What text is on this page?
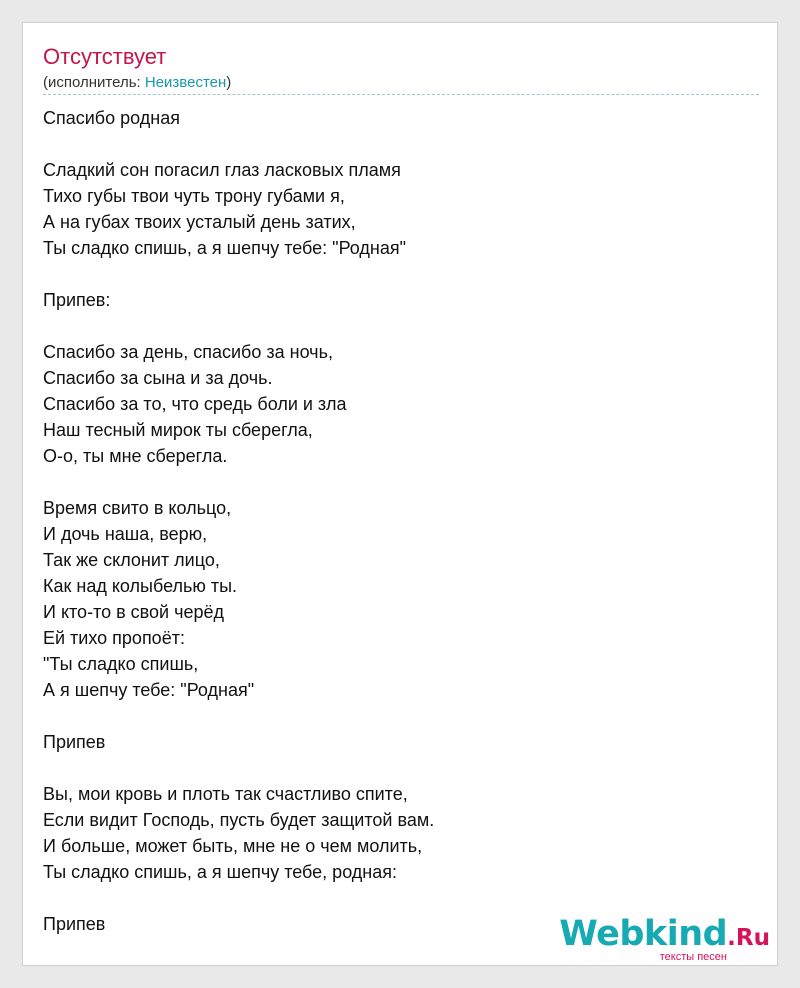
Отсутствует
(исполнитель: Неизвестен)
Спасибо родная
Сладкий сон погасил глаз ласковых пламя
Тихо губы твои чуть трону губами я,
А на губах твоих усталый день затих,
Ты сладко спишь, а я шепчу тебе: "Родная"
Припев:
Спасибо за день, спасибо за ночь,
Спасибо за сына и за дочь.
Спасибо за то, что средь боли и зла
Наш тесный мирок ты сберегла,
О-о, ты мне сберегла.
Время свито в кольцо,
И дочь наша, верю,
Так же склонит лицо,
Как над колыбелью ты.
И кто-то в свой черёд
Ей тихо пропоёт:
"Ты сладко спишь,
А я шепчу тебе: "Родная"
Припев
Вы, мои кровь и плоть так счастливо спите,
Если видит Господь, пусть будет защитой вам.
И больше, может быть, мне не о чем молить,
Ты сладко спишь, а я шепчу тебе, родная:
Припев	Webkind.Ru
тексты песен
